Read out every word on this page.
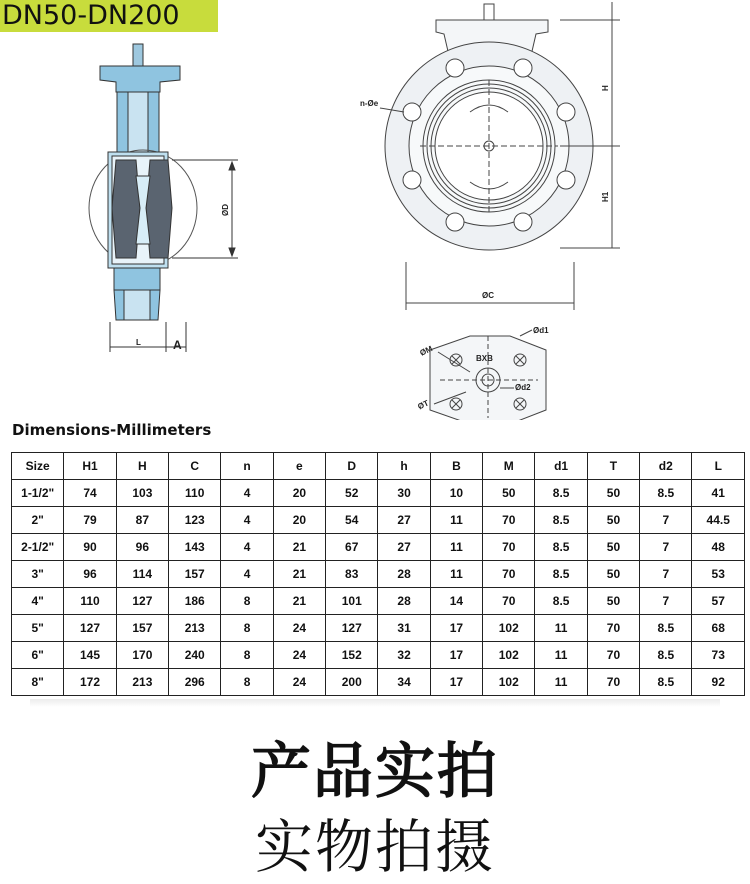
DN50-DN200
ØD
L	A
n-Øe
H
H1
ØC
Ød1
ØM
BXB
Ød2
ØT
Dimensions-Millimeters
Size	H1	H	C	n	e	D	h	B	M	d1	T	d2	L
1-1/2"	74	103	110	4	20	52	30	10	50	8.5	50	8.5	41
2"	79	87	123	4	20	54	27	11	70	8.5	50	7	44.5
2-1/2"	90	96	143	4	21	67	27	11	70	8.5	50	7	48
3"	96	114	157	4	21	83	28	11	70	8.5	50	7	53
4"	110	127	186	8	21	101	28	14	70	8.5	50	7	57
5"	127	157	213	8	24	127	31	17	102	11	70	8.5	68
6"	145	170	240	8	24	152	32	17	102	11	70	8.5	73
8"	172	213	296	8	24	200	34	17	102	11	70	8.5	92
产品实拍
实物拍摄
